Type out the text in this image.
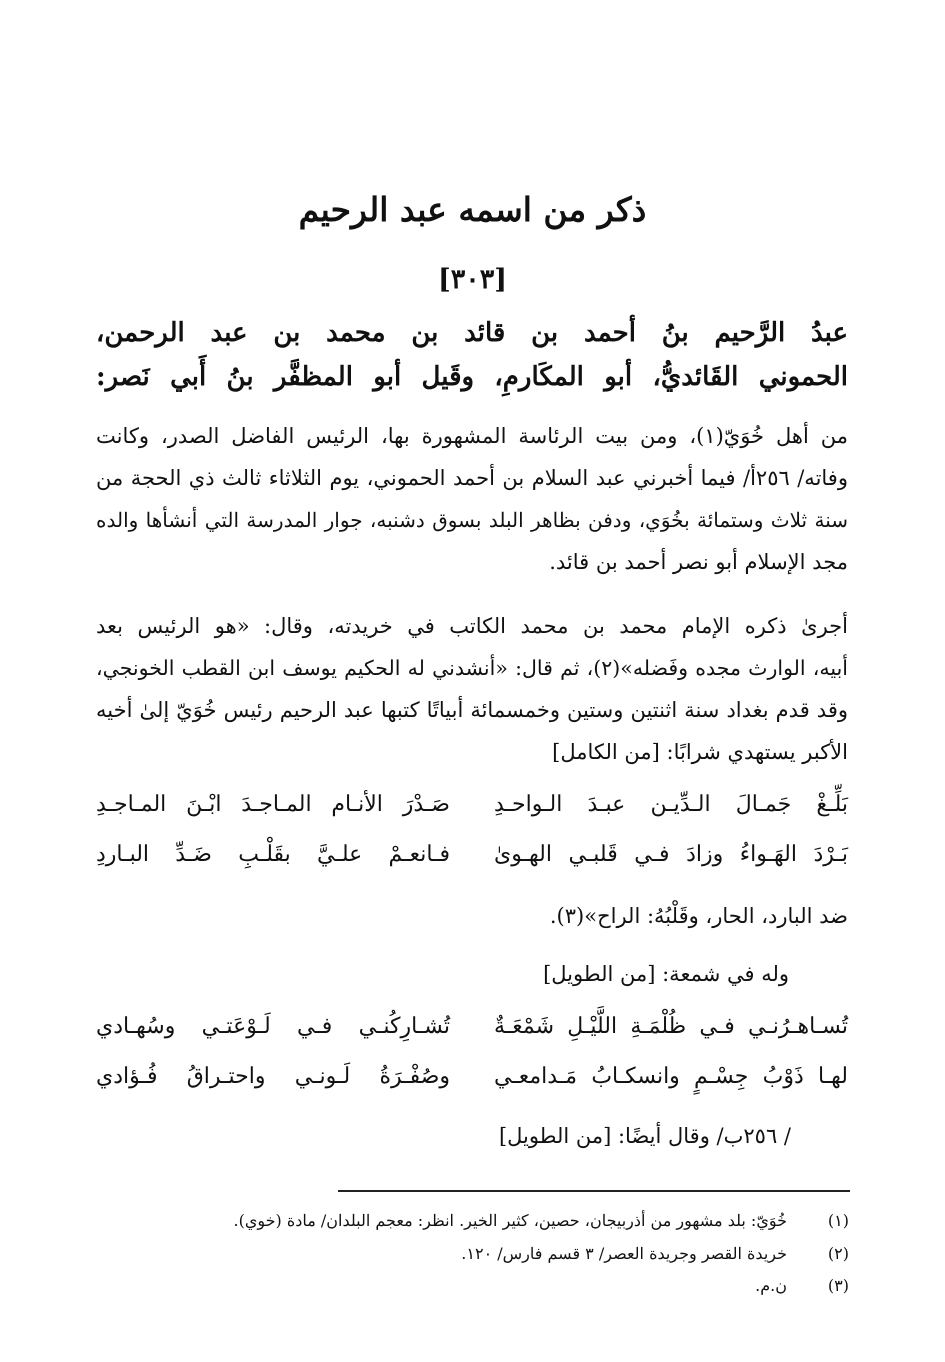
ذكر من اسمه عبد الرحيم
[٣٠٣]
عبدُ الرَّحيم بنُ أحمد بن قائد بن محمد بن عبد الرحمن،
الحموني القَائديُّ، أبو المكَارمِ، وقَيل أبو المظفَّر بنُ أَبي نَصر:
من أهل خُوَيّ(١)، ومن بيت الرئاسة المشهورة بها، الرئيس الفاضل الصدر، وكانت
وفاته/ ٢٥٦أ/ فيما أخبرني عبد السلام بن أحمد الحموني، يوم الثلاثاء ثالث ذي الحجة من
سنة ثلاث وستمائة بخُوَي، ودفن بظاهر البلد بسوق دشنبه، جوار المدرسة التي أنشأها والده
مجد الإسلام أبو نصر أحمد بن قائد.
أجرىٰ ذكره الإمام محمد بن محمد الكاتب في خريدته، وقال: «هو الرئيس بعد
أبيه، الوارث مجده وفَضله»(٢)، ثم قال: «أنشدني له الحكيم يوسف ابن القطب الخونجي،
وقد قدم بغداد سنة اثنتين وستين وخمسمائة أبياتًا كتبها عبد الرحيم رئيس خُوَيّ إلىٰ أخيه
الأكبر يستهدي شرابًا: [من الكامل]
بَلِّـغْ جَمـالَ الـدِّيـن عبـدَ الـواحـدِ
صَـدْرَ الأنـام المـاجـدَ ابْـنَ المـاجـدِ
بَـرْدَ الهَـواءُ وزادَ فـي قَلبـي الهـوىٰ
فـانعـمْ علـيَّ بقَلْـبِ ضَـدِّ البـاردِ
ضد البارد، الحار، وقَلْبُهُ: الراح»(٣).
وله في شمعة: [من الطويل]
تُسـاهـرُنـي فـي ظُلْمَـةِ اللَّيْـلِ شَمْعَـةٌ
تُشـارِكُنـي فـي لَـوْعَتـي وسُهـادي
لهـا ذَوْبُ جِسْـمٍ وانسكـابُ مَـدامعـي
وصُفْـرَةُ لَـونـي واحتـراقُ فُـؤادي
/ ٢٥٦ب/ وقال أيضًا: [من الطويل]
(١)
خُوَيّ: بلد مشهور من أذربيجان، حصين، كثير الخير. انظر: معجم البلدان/ مادة (خوي).
(٢)
خريدة القصر وجريدة العصر/ ٣ قسم فارس/ ١٢٠.
(٣)
ن.م.
